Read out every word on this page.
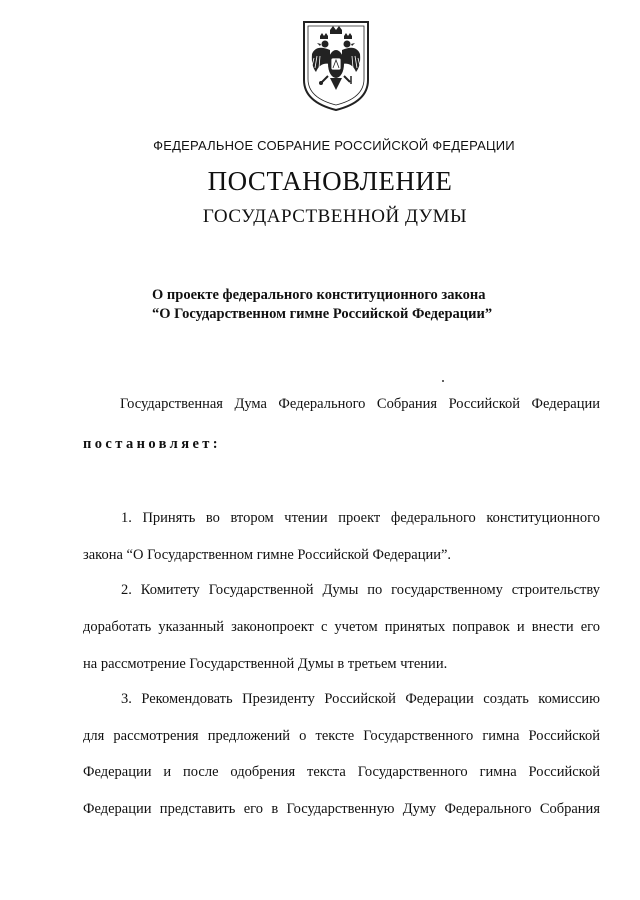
ФЕДЕРАЛЬНОЕ СОБРАНИЕ РОССИЙСКОЙ ФЕДЕРАЦИИ
ПОСТАНОВЛЕНИЕ
ГОСУДАРСТВЕННОЙ ДУМЫ
О проекте федерального конституционного закона
“О Государственном гимне Российской Федерации”
Государственная Дума Федерального Собрания Российской Федерации
постановляет:
1. Принять во втором чтении проект федерального конституционного
закона “О Государственном гимне Российской Федерации”.
2. Комитету Государственной Думы по государственному строительству
доработать указанный законопроект с учетом принятых поправок и внести его
на рассмотрение Государственной Думы в третьем чтении.
3. Рекомендовать Президенту Российской Федерации создать комиссию
для рассмотрения предложений о тексте Государственного гимна Российской
Федерации и после одобрения текста Государственного гимна Российской
Федерации представить его в Государственную Думу Федерального Собрания
